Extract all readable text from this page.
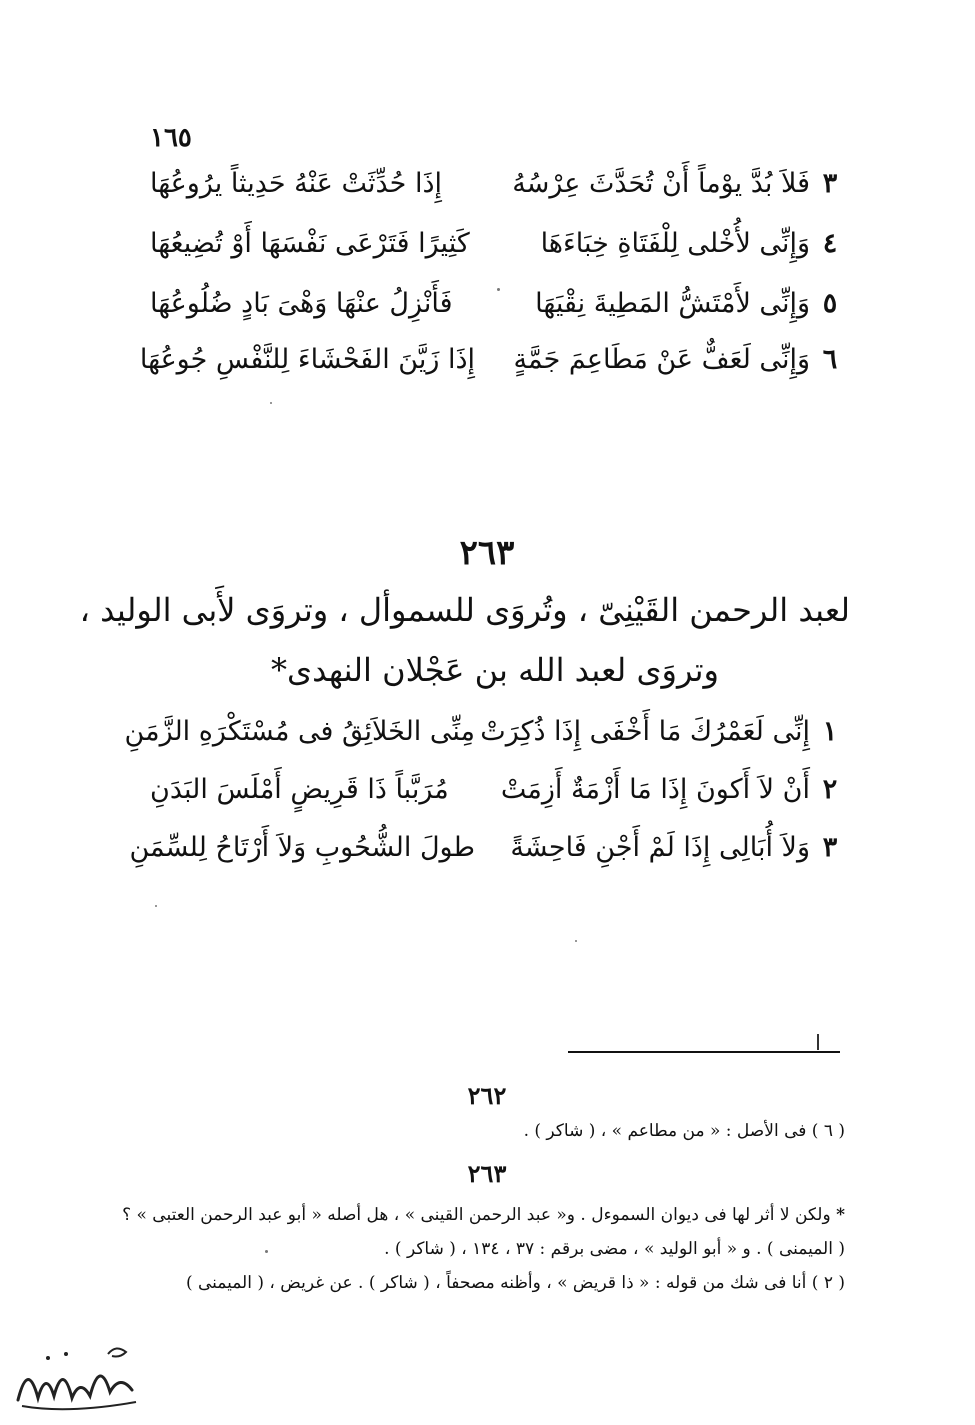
١٦٥
٣
فَلاَ بُدَّ يوْماً أَنْ تُحَدَّثَ عِرْسُهُ
إِذَا حُدِّثَتْ عَنْهُ حَدِيثاً يرُوعُهَا
٤
وَإِنِّى لأُخْلى لِلْفَتَاةِ خِبَاءَهَا
كَثِيرًا فَتَرْعَى نَفْسَهَا أَوْ تُضِيعُهَا
٥
وَإِنِّى لأَمْتَشُّ المَطِيةَ نِقْيَهَا
فَأَنْزِلُ عنْهَا وَهْىَ بَادٍ ضُلُوعُهَا
٦
وَإِنِّى لَعَفٌّ عَنْ مَطَاعِمَ جَمَّةٍ
إِذَا زَيَّنَ الفَحْشَاءَ لِلنَّفْسِ جُوعُهَا
٢٦٣
لعبد الرحمن القَيْنِىّ ، وتُروَى للسموأل ، وتروَى لأَبى الوليد ،
وتروَى لعبد الله بن عَجْلان النهدى*
١
إِنِّى لَعَمْرُكَ مَا أَخْفَى إِذَا ذُكِرَتْ
مِنِّى الخَلاَئِقُ فى مُسْتَكْرَهِ الزَّمَنِ
٢
أَنْ لاَ أَكونَ إِذَا مَا أَزْمَةٌ أَزِمَتْ
مُرَبَّباً ذَا قَرِيضٍ أَمْلَسَ البَدَنِ
٣
وَلاَ أُبَالِى إِذَا لَمْ أَجْنِ فَاحِشَةً
طولَ الشُّحُوبِ وَلاَ أَرْتَاحُ لِلسِّمَنِ
٢٦٢
( ٦ ) فى الأصل : « من مطاعم » ، ( شاكر ) .
٢٦٣
* ولكن لا أثر لها فى ديوان السموءل . و« عبد الرحمن القينى » ، هل أصله « أبو عبد الرحمن العتبى » ؟
( الميمنى ) . و « أبو الوليد » ، مضى برقم : ٣٧ ، ١٣٤ ، ( شاكر ) .
( ٢ ) أنا فى شك من قوله : « ذا قريض » ، وأظنه مصحفاً ، ( شاكر ) . عن غريض ، ( الميمنى )
